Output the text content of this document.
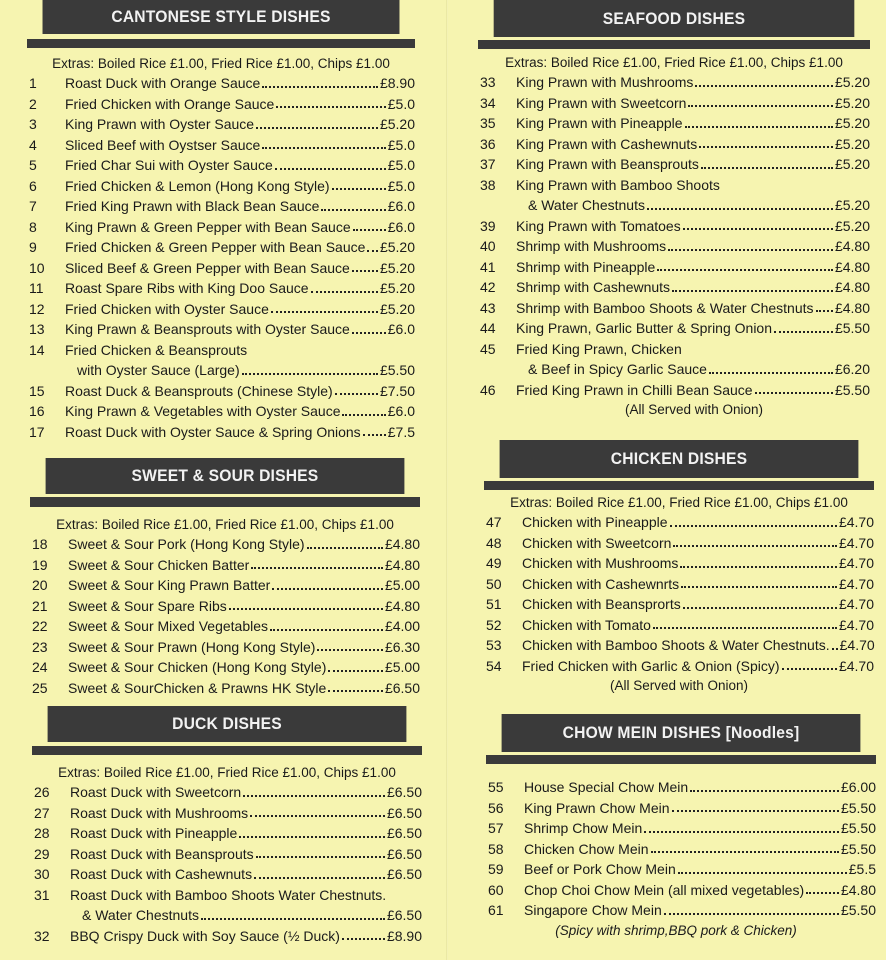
CANTONESE STYLE DISHES
Extras: Boiled Rice £1.00, Fried Rice £1.00, Chips £1.00
1	Roast Duck with Orange Sauce	£8.90
2	Fried Chicken with Orange Sauce	£5.0
3	King Prawn with Oyster Sauce	£5.20
4	Sliced Beef with Oystser Sauce	£5.0
5	Fried Char Sui with Oyster Sauce	£5.0
6	Fried Chicken & Lemon (Hong Kong Style)	£5.0
7	Fried King Prawn with Black Bean Sauce	£6.0
8	King Prawn & Green Pepper with Bean Sauce	£6.0
9	Fried Chicken & Green Pepper with Bean Sauce £5.20
10	Sliced Beef & Green Pepper with Bean Sauce £5.20
11	Roast Spare Ribs with King Doo Sauce	£5.20
12	Fried Chicken with Oyster Sauce	£5.20
13	King Prawn & Beansprouts with Oyster Sauce	£6.0
14	Fried Chicken & Beansprouts
with Oyster Sauce (Large)	£5.50
15	Roast Duck & Beansprouts (Chinese Style)	£7.50
16	King Prawn & Vegetables with Oyster Sauce	£6.0
17	Roast Duck with Oyster Sauce & Spring Onions £7.5
SWEET & SOUR DISHES
Extras: Boiled Rice £1.00, Fried Rice £1.00, Chips £1.00
18	Sweet & Sour Pork (Hong Kong Style)	£4.80
19	Sweet & Sour Chicken Batter	£4.80
20	Sweet & Sour King Prawn Batter	£5.00
21	Sweet & Sour Spare Ribs	£4.80
22	Sweet & Sour Mixed Vegetables	£4.00
23	Sweet & Sour Prawn (Hong Kong Style)	£6.30
24	Sweet & Sour Chicken (Hong Kong Style)	£5.00
25	Sweet & SourChicken & Prawns HK Style	£6.50
DUCK DISHES
Extras: Boiled Rice £1.00, Fried Rice £1.00, Chips £1.00
26	Roast Duck with Sweetcorn	£6.50
27	Roast Duck with Mushrooms	£6.50
28	Roast Duck with Pineapple	£6.50
29	Roast Duck with Beansprouts	£6.50
30	Roast Duck with Cashewnuts	£6.50
31	Roast Duck with Bamboo Shoots Water Chestnuts.
& Water Chestnuts	£6.50
32	BBQ Crispy Duck with Soy Sauce (½ Duck)	£8.90
SEAFOOD DISHES
Extras: Boiled Rice £1.00, Fried Rice £1.00, Chips £1.00
33	King Prawn with Mushrooms	£5.20
34	King Prawn with Sweetcorn	£5.20
35	King Prawn with Pineapple	£5.20
36	King Prawn with Cashewnuts	£5.20
37	King Prawn with Beansprouts	£5.20
38	King Prawn with Bamboo Shoots
& Water Chestnuts	£5.20
39	King Prawn with Tomatoes	£5.20
40	Shrimp with Mushrooms	£4.80
41	Shrimp with Pineapple	£4.80
42	Shrimp with Cashewnuts	£4.80
43	Shrimp with Bamboo Shoots & Water Chestnuts £4.80
44	King Prawn, Garlic Butter & Spring Onion	£5.50
45	Fried King Prawn, Chicken
& Beef in Spicy Garlic Sauce	£6.20
46	Fried King Prawn in Chilli Bean Sauce	£5.50
(All Served with Onion)
CHICKEN DISHES
Extras: Boiled Rice £1.00, Fried Rice £1.00, Chips £1.00
47	Chicken with Pineapple	£4.70
48	Chicken with Sweetcorn	£4.70
49	Chicken with Mushrooms	£4.70
50	Chicken with Cashewnrts	£4.70
51	Chicken with Beansprorts	£4.70
52	Chicken with Tomato	£4.70
53	Chicken with Bamboo Shoots & Water Chestnuts. £4.70
54	Fried Chicken with Garlic & Onion (Spicy)	£4.70
(All Served with Onion)
CHOW MEIN DISHES [Noodles]
55	House Special Chow Mein	£6.00
56	King Prawn Chow Mein	£5.50
57	Shrimp Chow Mein	£5.50
58	Chicken Chow Mein	£5.50
59	Beef or Pork Chow Mein	£5.5
60	Chop Choi Chow Mein (all mixed vegetables)	£4.80
61	Singapore Chow Mein	£5.50
(Spicy with shrimp,BBQ pork & Chicken)
